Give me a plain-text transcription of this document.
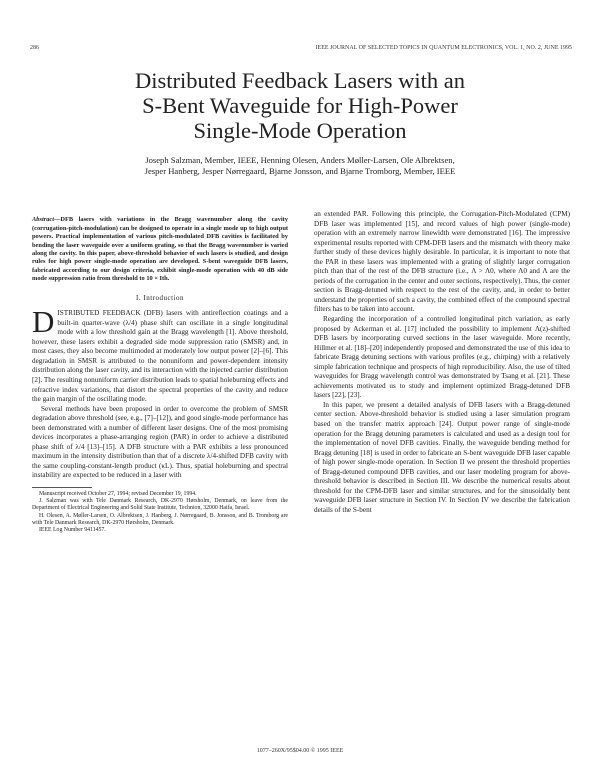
286	IEEE JOURNAL OF SELECTED TOPICS IN QUANTUM ELECTRONICS, VOL. 1, NO. 2, JUNE 1995
Distributed Feedback Lasers with an
S-Bent Waveguide for High-Power
Single-Mode Operation
Joseph Salzman, Member, IEEE, Henning Olesen, Anders Møller-Larsen, Ole Albrektsen,
Jesper Hanberg, Jesper Nørregaard, Bjarne Jonsson, and Bjarne Tromborg, Member, IEEE

Abstract—DFB lasers with variations in the Bragg wavenumber along the cavity (corrugation-pitch-modulation) can be designed to operate in a single mode up to high output powers. Practical implementation of various pitch-modulated DFB cavities is facilitated by bending the laser waveguide over a uniform grating, so that the Bragg wavenumber is varied along the cavity. In this paper, above-threshold behavior of such lasers is studied, and design rules for high power single-mode operation are developed. S-bent waveguide DFB lasers, fabricated according to our design criteria, exhibit single-mode operation with 40 dB side mode suppression ratio from threshold to 10 × Ith.

I. Introduction

DISTRIBUTED FEEDBACK (DFB) lasers with antireflection coatings and a built-in quarter-wave (λ/4) phase shift can oscillate in a single longitudinal mode with a low threshold gain at the Bragg wavelength [1]. Above threshold, however, these lasers exhibit a degraded side mode suppression ratio (SMSR) and, in most cases, they also become multimoded at moderately low output power [2]–[6]. This degradation in SMSR is attributed to the nonuniform and power-dependent intensity distribution along the laser cavity, and its interaction with the injected carrier distribution [2]. The resulting nonuniform carrier distribution leads to spatial holeburning effects and refractive index variations, that distort the spectral properties of the cavity and reduce the gain margin of the oscillating mode.

Several methods have been proposed in order to overcome the problem of SMSR degradation above threshold (see, e.g., [7]–[12]), and good single-mode performance has been demonstrated with a number of different laser designs. One of the most promising devices incorporates a phase-arranging region (PAR) in order to achieve a distributed phase shift of λ/4 [13]–[15]. A DFB structure with a PAR exhibits a less pronounced maximum in the intensity distribution than that of a discrete λ/4-shifted DFB cavity with the same coupling-constant-length product (κL). Thus, spatial holeburning and spectral instability are expected to be reduced in a laser with

Manuscript received October 27, 1994; revised December 19, 1994.

J. Salzman was with Tele Danmark Research, DK-2970 Hørsholm, Denmark, on leave from the Department of Electrical Engineering and Solid State Institute, Technion, 32000 Haifa, Israel.

H. Olesen, A. Møller-Larsen, O. Albrektsen, J. Hanberg, J. Nørregaard, B. Jonsson, and B. Tromborg are with Tele Danmark Research, DK-2970 Hørsholm, Denmark.

IEEE Log Number 9411457.

an extended PAR. Following this principle, the Corrugation-Pitch-Modulated (CPM) DFB laser was implemented [15], and record values of high power (single-mode) operation with an extremely narrow linewidth were demonstrated [16]. The impressive experimental results reported with CPM-DFB lasers and the mismatch with theory make further study of these devices highly desirable. In particular, it is important to note that the PAR in these lasers was implemented with a grating of slightly larger corrugation pitch than that of the rest of the DFB structure (i.e., Λ > Λ0, where Λ0 and Λ are the periods of the corrugation in the center and outer sections, respectively). Thus, the center section is Bragg-detuned with respect to the rest of the cavity, and, in order to better understand the properties of such a cavity, the combined effect of the compound spectral filters has to be taken into account.

Regarding the incorporation of a controlled longitudinal pitch variation, as early proposed by Ackerman et al. [17] included the possibility to implement Λ(z)-shifted DFB lasers by incorporating curved sections in the laser waveguide. More recently, Hillmer et al. [18]–[20] independently proposed and demonstrated the use of this idea to fabricate Bragg detuning sections with various profiles (e.g., chirping) with a relatively simple fabrication technique and prospects of high reproducibility. Also, the use of tilted waveguides for Bragg wavelength control was demonstrated by Tsang et al. [21]. These achievements motivated us to study and implement optimized Bragg-detuned DFB lasers [22], [23].

In this paper, we present a detailed analysis of DFB lasers with a Bragg-detuned center section. Above-threshold behavior is studied using a laser simulation program based on the transfer matrix approach [24]. Output power range of single-mode operation for the Bragg detuning parameters is calculated and used as a design tool for the implementation of novel DFB cavities. Finally, the waveguide bending method for Bragg detuning [18] is used in order to fabricate an S-bent waveguide DFB laser capable of high power single-mode operation. In Section II we present the threshold properties of Bragg-detuned compound DFB cavities, and our laser modeling program for above-threshold behavior is described in Section III. We describe the numerical results about threshold for the CPM-DFB laser and similar structures, and for the sinusoidally bent waveguide DFB laser structure in Section IV. In Section IV we describe the fabrication details of the S-bent

1077–260X/95$04.00 © 1995 IEEE
